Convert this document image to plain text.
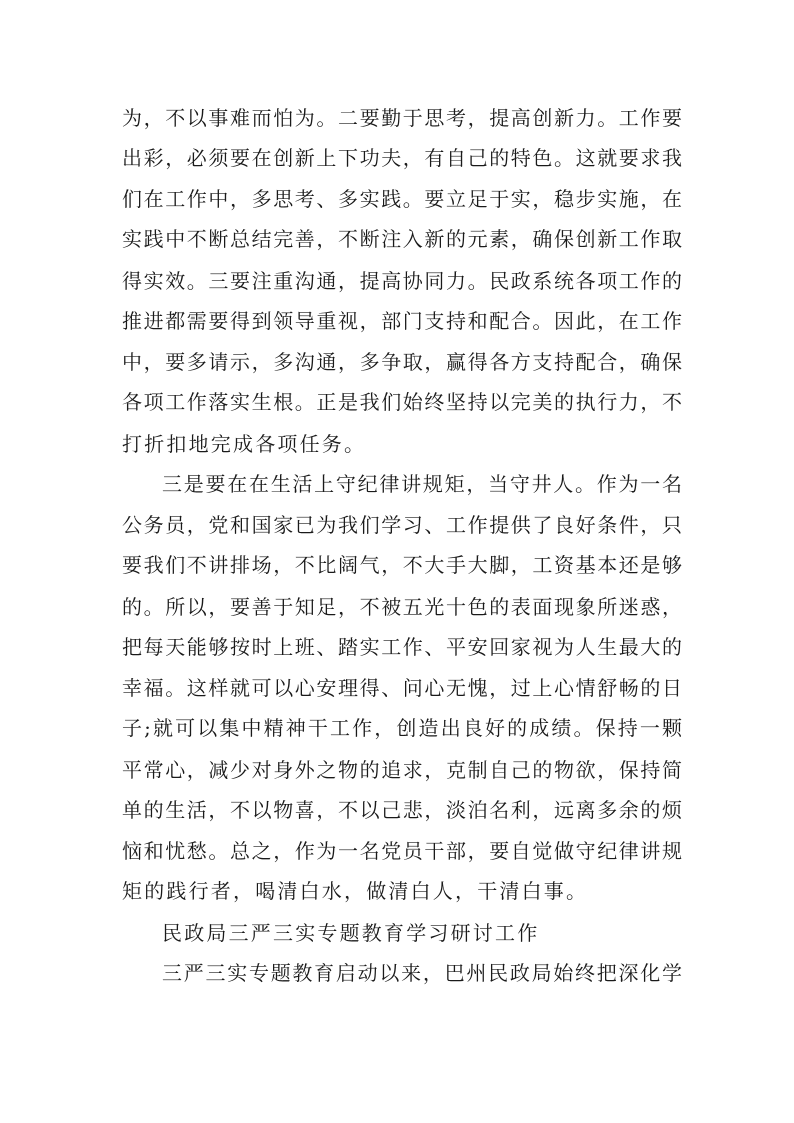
为，不以事难而怕为。二要勤于思考，提高创新力。工作要
出彩，必须要在创新上下功夫，有自己的特色。这就要求我
们在工作中，多思考、多实践。要立足于实，稳步实施，在
实践中不断总结完善，不断注入新的元素，确保创新工作取
得实效。三要注重沟通，提高协同力。民政系统各项工作的
推进都需要得到领导重视，部门支持和配合。因此，在工作
中，要多请示，多沟通，多争取，赢得各方支持配合，确保
各项工作落实生根。正是我们始终坚持以完美的执行力，不
打折扣地完成各项任务。
三是要在在生活上守纪律讲规矩，当守井人。作为一名
公务员，党和国家已为我们学习、工作提供了良好条件，只
要我们不讲排场，不比阔气，不大手大脚，工资基本还是够
的。所以，要善于知足，不被五光十色的表面现象所迷惑，
把每天能够按时上班、踏实工作、平安回家视为人生最大的
幸福。这样就可以心安理得、问心无愧，过上心情舒畅的日
子;就可以集中精神干工作，创造出良好的成绩。保持一颗
平常心，减少对身外之物的追求，克制自己的物欲，保持简
单的生活，不以物喜，不以己悲，淡泊名利，远离多余的烦
恼和忧愁。总之，作为一名党员干部，要自觉做守纪律讲规
矩的践行者，喝清白水，做清白人，干清白事。
民政局三严三实专题教育学习研讨工作
三严三实专题教育启动以来，巴州民政局始终把深化学
